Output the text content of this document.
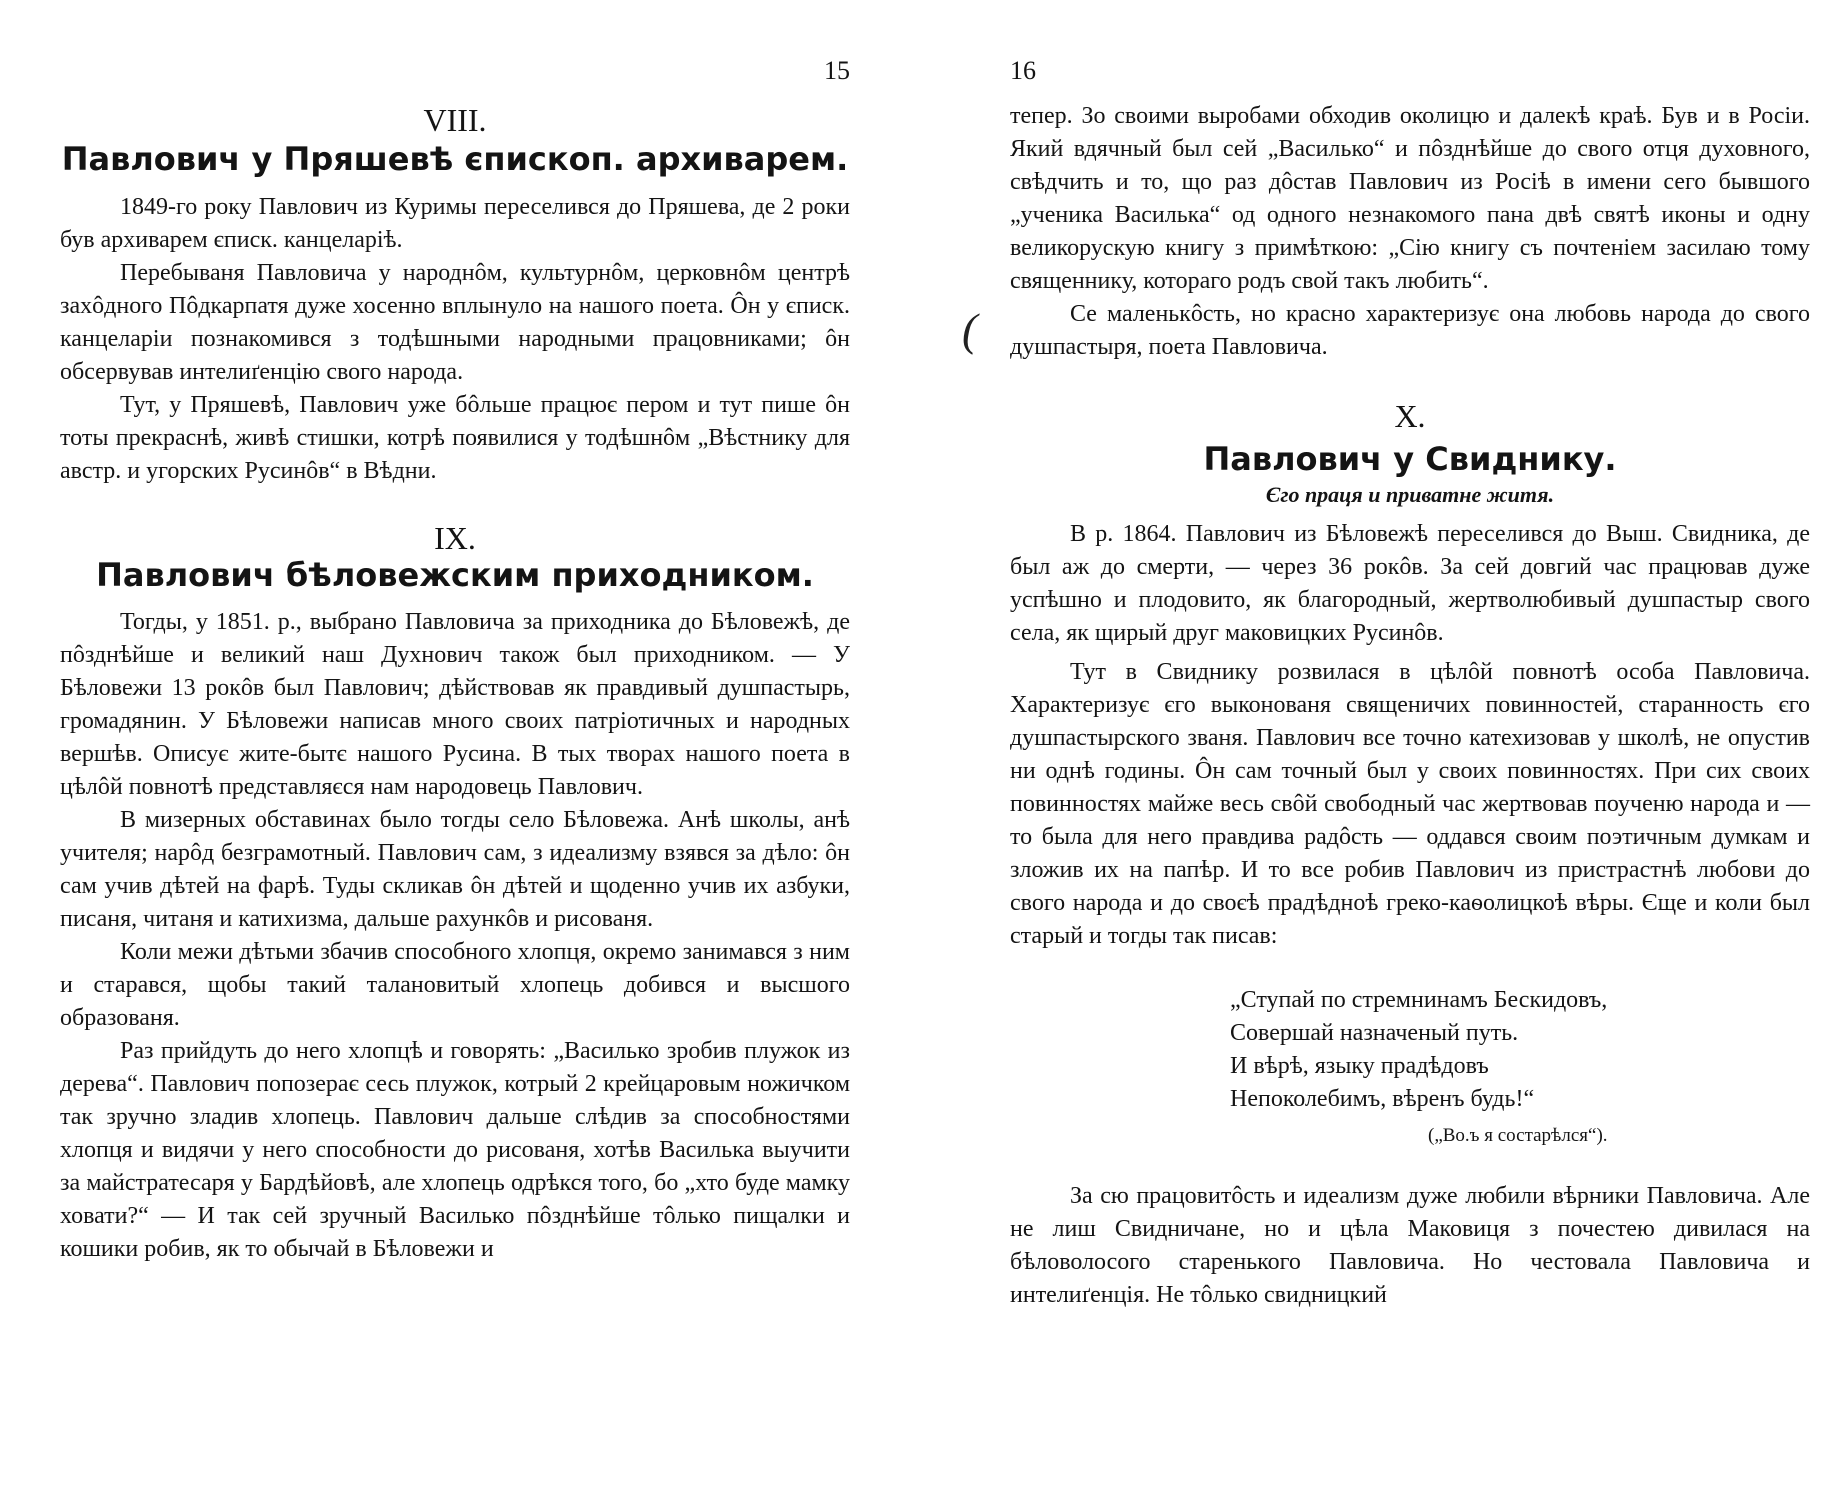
15
VIII.
Павлович у Пряшевѣ єпископ. архиварем.

1849-го року Павлович из Куримы переселився до Пряшева, де 2 роки був архиварем єписк. канцеларіѣ.

Перебываня Павловича у народнôм, культурнôм, церковнôм центрѣ захôдного Пôдкарпатя дуже хосенно вплынуло на нашого поета. Ôн у єписк. канцеларіи познакомився з тодѣшными народными працовниками; ôн обсервував интелиґенцію свого народа.

Тут, у Пряшевѣ, Павлович уже бôльше працює пером и тут пише ôн тоты прекраснѣ, живѣ стишки, котрѣ появилися у тодѣшнôм „Вѣстнику для австр. и угорских Русинôв“ в Вѣдни.

IX.
Павлович бѣловежским приходником.

Тогды, у 1851. р., выбрано Павловича за приходника до Бѣловежѣ, де пôзднѣйше и великий наш Духнович також был приходником. — У Бѣловежи 13 рокôв был Павлович; дѣйствовав як правдивый душпастырь, громадянин. У Бѣловежи написав много своих патріотичных и народных вершѣв. Описує жите-бытє нашого Русина. В тых творах нашого поета в цѣлôй повнотѣ представляєся нам народовець Павлович.

В мизерных обставинах было тогды село Бѣловежа. Анѣ школы, анѣ учителя; нарôд безграмотный. Павлович сам, з идеализму взявся за дѣло: ôн сам учив дѣтей на фарѣ. Туды скликав ôн дѣтей и щоденно учив их азбуки, писаня, читаня и катихизма, дальше рахункôв и рисованя.

Коли межи дѣтьми збачив способного хлопця, окремо занимався з ним и старався, щобы такий талановитый хлопець добився и высшого образованя.

Раз прийдуть до него хлопцѣ и говорять: „Василько зробив плужок из дерева“. Павлович попозерає сесь плужок, котрый 2 крейцаровым ножичком так зручно зладив хлопець. Павлович дальше слѣдив за способностями хлопця и видячи у него способности до рисованя, хотѣв Василька выучити за майстратесаря у Бардѣйовѣ, але хлопець одрѣкся того, бо „хто буде мамку ховати?“ — И так сей зручный Василько пôзднѣйше тôлько пищалки и кошики робив, як то обычай в Бѣловежи и

(
16

тепер. Зо своими выробами обходив околицю и далекѣ краѣ. Був и в Росіи. Який вдячный был сей „Василько“ и пôзднѣйше до свого отця духовного, свѣдчить и то, що раз дôстав Павлович из Росіѣ в имени сего бывшого „ученика Василька“ од одного незнакомого пана двѣ святѣ иконы и одну великорускую книгу з примѣткою: „Сію книгу съ почтеніем засилаю тому священнику, котораго родъ свой такъ любить“.

Се маленькôсть, но красно характеризує она любовь народа до свого душпастыря, поета Павловича.

X.
Павлович у Свиднику.
Єго праця и приватне житя.

В р. 1864. Павлович из Бѣловежѣ переселився до Выш. Свидника, де был аж до смерти, — через 36 рокôв. За сей довгий час працював дуже успѣшно и плодовито, як благородный, жертволюбивый душпастыр свого села, як щирый друг маковицких Русинôв.

Тут в Свиднику розвилася в цѣлôй повнотѣ особа Павловича. Характеризує єго выконованя священичих повинностей, старанность єго душпастырского званя. Павлович все точно катехизовав у школѣ, не опустив ни однѣ годины. Ôн сам точный был у своих повинностях. При сих своих повинностях майже весь свôй свободный час жертвовав поученю народа и — то была для него правдива радôсть — оддався своим поэтичным думкам и зложив их на папѣр. И то все робив Павлович из пристрастнѣ любови до свого народа и до своєѣ прадѣдноѣ греко-каѳолицкоѣ вѣры. Єще и коли был старый и тогды так писав:

„Ступай по стремнинамъ Бескидовъ,
Совершай назначеный путь.
И вѣрѣ, языку прадѣдовъ
Непоколебимъ, вѣренъ будь!“
(„Во.ъ я состарѣлся“).

За сю працовитôсть и идеализм дуже любили вѣрники Павловича. Але не лиш Свидничане, но и цѣла Маковиця з почестею дивилася на бѣловолосого старенького Павловича. Но честовала Павловича и интелиґенція. Не тôлько свидницкий
